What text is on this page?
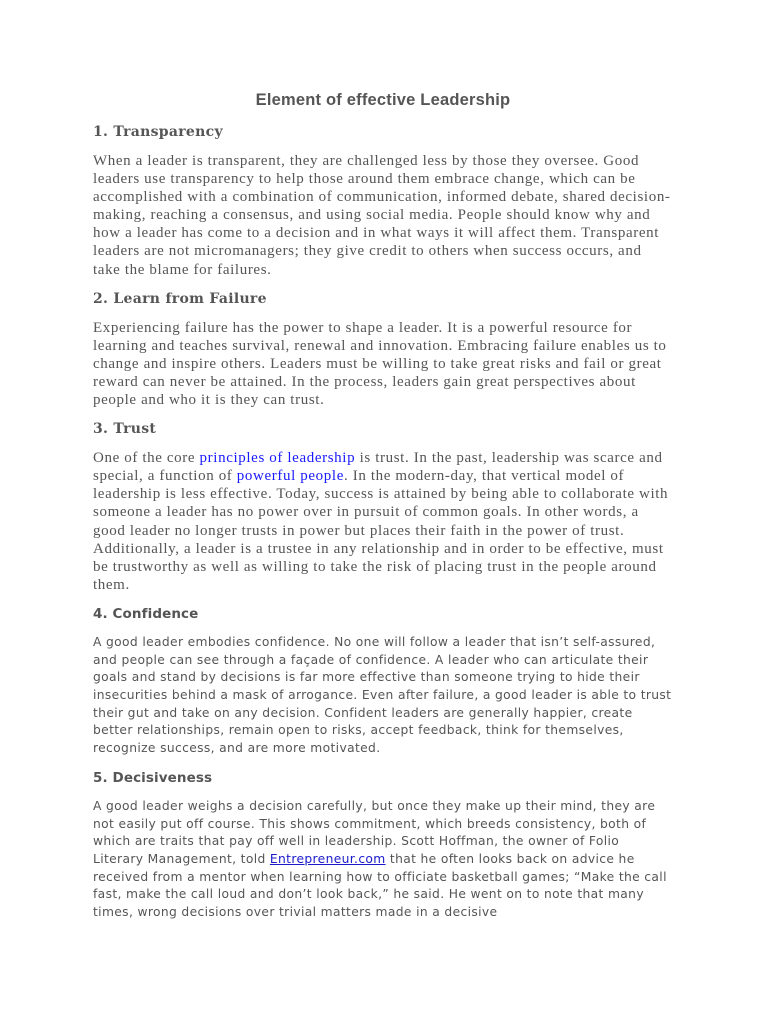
Element of effective Leadership
1. Transparency

When a leader is transparent, they are challenged less by those they oversee. Good leaders use transparency to help those around them embrace change, which can be accomplished with a combination of communication, informed debate, shared decision-making, reaching a consensus, and using social media. People should know why and how a leader has come to a decision and in what ways it will affect them. Transparent leaders are not micromanagers; they give credit to others when success occurs, and take the blame for failures.

2. Learn from Failure

Experiencing failure has the power to shape a leader. It is a powerful resource for learning and teaches survival, renewal and innovation. Embracing failure enables us to change and inspire others. Leaders must be willing to take great risks and fail or great reward can never be attained. In the process, leaders gain great perspectives about people and who it is they can trust.

3. Trust

One of the core principles of leadership is trust. In the past, leadership was scarce and special, a function of powerful people. In the modern-day, that vertical model of leadership is less effective. Today, success is attained by being able to collaborate with someone a leader has no power over in pursuit of common goals. In other words, a good leader no longer trusts in power but places their faith in the power of trust. Additionally, a leader is a trustee in any relationship and in order to be effective, must be trustworthy as well as willing to take the risk of placing trust in the people around them.

4. Confidence

A good leader embodies confidence. No one will follow a leader that isn’t self-assured, and people can see through a façade of confidence. A leader who can articulate their goals and stand by decisions is far more effective than someone trying to hide their insecurities behind a mask of arrogance. Even after failure, a good leader is able to trust their gut and take on any decision. Confident leaders are generally happier, create better relationships, remain open to risks, accept feedback, think for themselves, recognize success, and are more motivated.

5. Decisiveness

A good leader weighs a decision carefully, but once they make up their mind, they are not easily put off course. This shows commitment, which breeds consistency, both of which are traits that pay off well in leadership. Scott Hoffman, the owner of Folio Literary Management, told Entrepreneur.com that he often looks back on advice he received from a mentor when learning how to officiate basketball games; “Make the call fast, make the call loud and don’t look back,” he said. He went on to note that many times, wrong decisions over trivial matters made in a decisive
